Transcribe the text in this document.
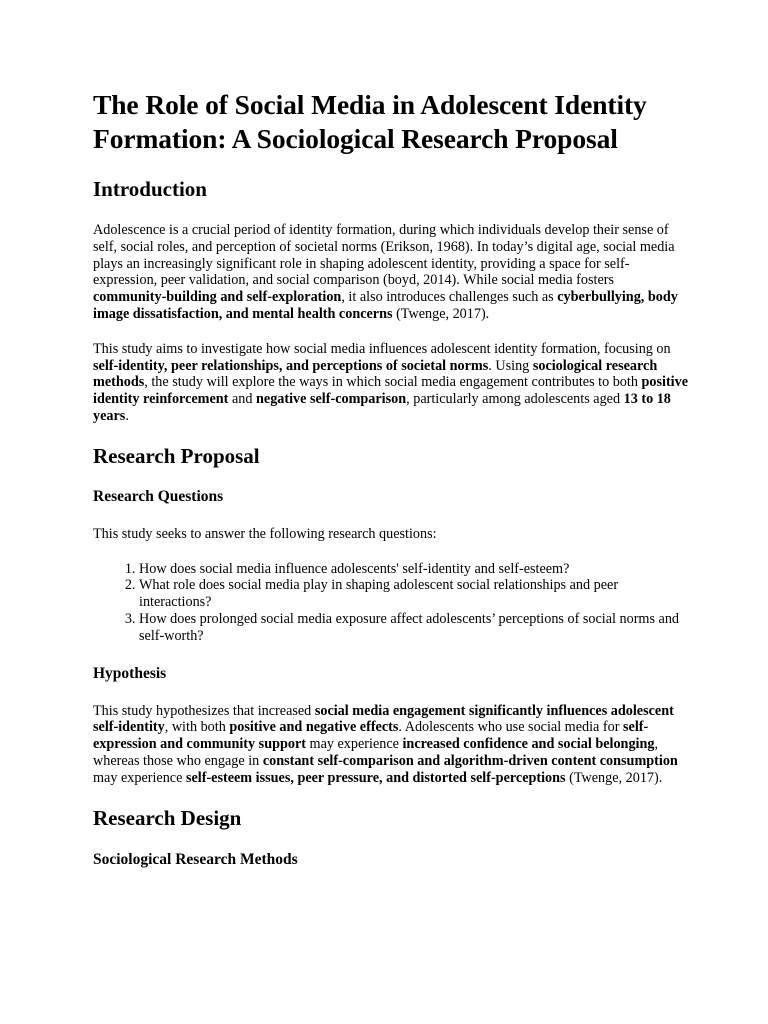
The Role of Social Media in Adolescent Identity Formation: A Sociological Research Proposal
Introduction

Adolescence is a crucial period of identity formation, during which individuals develop their sense of self, social roles, and perception of societal norms (Erikson, 1968). In today’s digital age, social media plays an increasingly significant role in shaping adolescent identity, providing a space for self-expression, peer validation, and social comparison (boyd, 2014). While social media fosters community-building and self-exploration, it also introduces challenges such as cyberbullying, body image dissatisfaction, and mental health concerns (Twenge, 2017).

This study aims to investigate how social media influences adolescent identity formation, focusing on self-identity, peer relationships, and perceptions of societal norms. Using sociological research methods, the study will explore the ways in which social media engagement contributes to both positive identity reinforcement and negative self-comparison, particularly among adolescents aged 13 to 18 years.

Research Proposal
Research Questions

This study seeks to answer the following research questions:

1. How does social media influence adolescents' self-identity and self-esteem?
2. What role does social media play in shaping adolescent social relationships and peer interactions?
3. How does prolonged social media exposure affect adolescents’ perceptions of social norms and self-worth?
Hypothesis

This study hypothesizes that increased social media engagement significantly influences adolescent self-identity, with both positive and negative effects. Adolescents who use social media for self-expression and community support may experience increased confidence and social belonging, whereas those who engage in constant self-comparison and algorithm-driven content consumption may experience self-esteem issues, peer pressure, and distorted self-perceptions (Twenge, 2017).

Research Design
Sociological Research Methods
